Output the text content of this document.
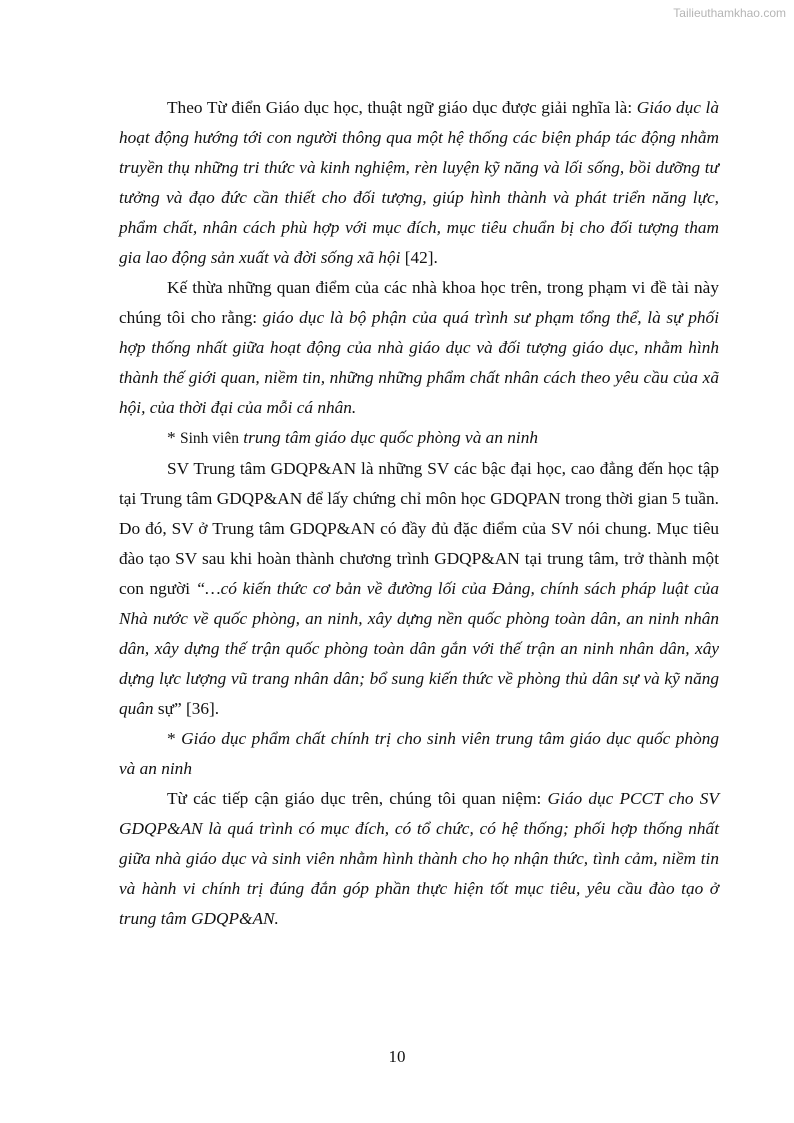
Tailieuthamkhao.com

Theo Từ điển Giáo dục học, thuật ngữ giáo dục được giải nghĩa là: Giáo dục là hoạt động hướng tới con người thông qua một hệ thống các biện pháp tác động nhằm truyền thụ những tri thức và kinh nghiệm, rèn luyện kỹ năng và lối sống, bồi dưỡng tư tưởng và đạo đức cần thiết cho đối tượng, giúp hình thành và phát triển năng lực, phẩm chất, nhân cách phù hợp với mục đích, mục tiêu chuẩn bị cho đối tượng tham gia lao động sản xuất và đời sống xã hội [42].

Kế thừa những quan điểm của các nhà khoa học trên, trong phạm vi đề tài này chúng tôi cho rằng: giáo dục là bộ phận của quá trình sư phạm tổng thể, là sự phối hợp thống nhất giữa hoạt động của nhà giáo dục và đối tượng giáo dục, nhằm hình thành thế giới quan, niềm tin, những những phẩm chất nhân cách theo yêu cầu của xã hội, của thời đại của mỗi cá nhân.

* Sinh viên trung tâm giáo dục quốc phòng và an ninh

SV Trung tâm GDQP&AN là những SV các bậc đại học, cao đẳng đến học tập tại Trung tâm GDQP&AN để lấy chứng chỉ môn học GDQPAN trong thời gian 5 tuần. Do đó, SV ở Trung tâm GDQP&AN có đầy đủ đặc điểm của SV nói chung. Mục tiêu đào tạo SV sau khi hoàn thành chương trình GDQP&AN tại trung tâm, trở thành một con người “…có kiến thức cơ bản về đường lối của Đảng, chính sách pháp luật của Nhà nước về quốc phòng, an ninh, xây dựng nền quốc phòng toàn dân, an ninh nhân dân, xây dựng thế trận quốc phòng toàn dân gắn với thế trận an ninh nhân dân, xây dựng lực lượng vũ trang nhân dân; bổ sung kiến thức về phòng thủ dân sự và kỹ năng quân sự” [36].

* Giáo dục phẩm chất chính trị cho sinh viên trung tâm giáo dục quốc phòng và an ninh

Từ các tiếp cận giáo dục trên, chúng tôi quan niệm: Giáo dục PCCT cho SV GDQP&AN là quá trình có mục đích, có tổ chức, có hệ thống; phối hợp thống nhất giữa nhà giáo dục và sinh viên nhằm hình thành cho họ nhận thức, tình cảm, niềm tin và hành vi chính trị đúng đắn góp phần thực hiện tốt mục tiêu, yêu cầu đào tạo ở trung tâm GDQP&AN.

10
